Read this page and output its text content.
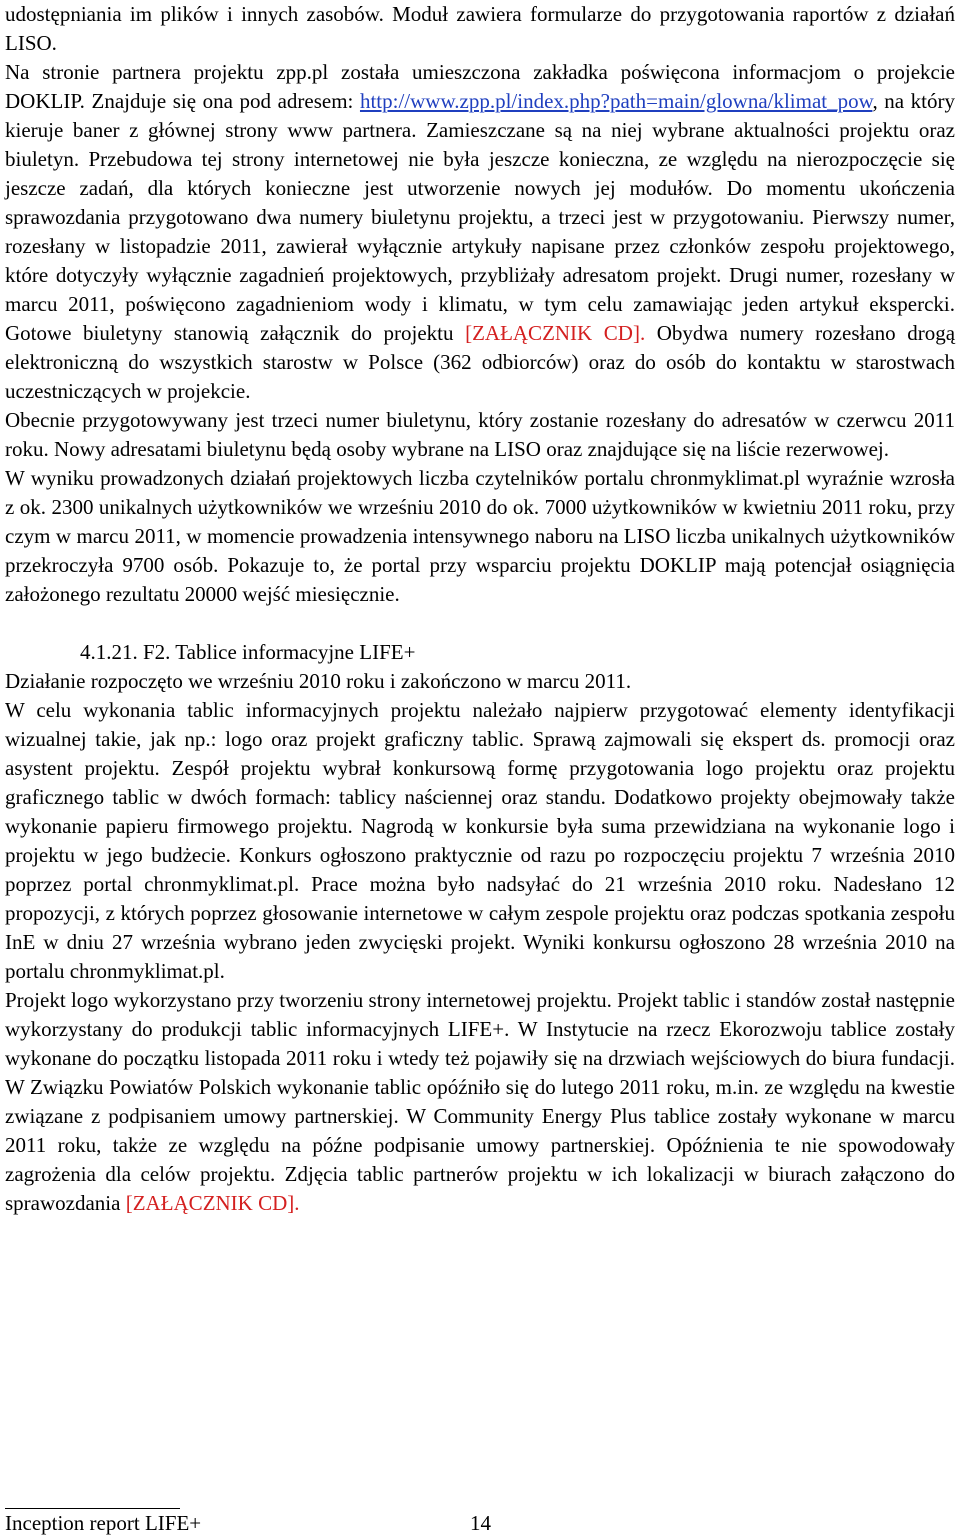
udostępniania im plików i innych zasobów. Moduł zawiera formularze do przygotowania raportów z działań LISO.

Na stronie partnera projektu zpp.pl została umieszczona zakładka poświęcona informacjom o projekcie DOKLIP. Znajduje się ona pod adresem: http://www.zpp.pl/index.php?path=main/glowna/klimat_pow, na który kieruje baner z głównej strony www partnera. Zamieszczane są na niej wybrane aktualności projektu oraz biuletyn. Przebudowa tej strony internetowej nie była jeszcze konieczna, ze względu na nierozpoczęcie się jeszcze zadań, dla których konieczne jest utworzenie nowych jej modułów. Do momentu ukończenia sprawozdania przygotowano dwa numery biuletynu projektu, a trzeci jest w przygotowaniu. Pierwszy numer, rozesłany w listopadzie 2011, zawierał wyłącznie artykuły napisane przez członków zespołu projektowego, które dotyczyły wyłącznie zagadnień projektowych, przybliżały adresatom projekt. Drugi numer, rozesłany w marcu 2011, poświęcono zagadnieniom wody i klimatu, w tym celu zamawiając jeden artykuł ekspercki. Gotowe biuletyny stanowią załącznik do projektu [ZAŁĄCZNIK CD]. Obydwa numery rozesłano drogą elektroniczną do wszystkich starostw w Polsce (362 odbiorców) oraz do osób do kontaktu w starostwach uczestniczących w projekcie.

Obecnie przygotowywany jest trzeci numer biuletynu, który zostanie rozesłany do adresatów w czerwcu 2011 roku. Nowy adresatami biuletynu będą osoby wybrane na LISO oraz znajdujące się na liście rezerwowej.

W wyniku prowadzonych działań projektowych liczba czytelników portalu chronmyklimat.pl wyraźnie wzrosła z ok. 2300 unikalnych użytkowników we wrześniu 2010 do ok. 7000 użytkowników w kwietniu 2011 roku, przy czym w marcu 2011, w momencie prowadzenia intensywnego naboru na LISO liczba unikalnych użytkowników przekroczyła 9700 osób. Pokazuje to, że portal przy wsparciu projektu DOKLIP mają potencjał osiągnięcia założonego rezultatu 20000 wejść miesięcznie.

4.1.21. F2. Tablice informacyjne LIFE+

Działanie rozpoczęto we wrześniu 2010 roku i zakończono w marcu 2011.

W celu wykonania tablic informacyjnych projektu należało najpierw przygotować elementy identyfikacji wizualnej takie, jak np.: logo oraz projekt graficzny tablic. Sprawą zajmowali się ekspert ds. promocji oraz asystent projektu. Zespół projektu wybrał konkursową formę przygotowania logo projektu oraz projektu graficznego tablic w dwóch formach: tablicy naściennej oraz standu. Dodatkowo projekty obejmowały także wykonanie papieru firmowego projektu. Nagrodą w konkursie była suma przewidziana na wykonanie logo i projektu w jego budżecie. Konkurs ogłoszono praktycznie od razu po rozpoczęciu projektu 7 września 2010 poprzez portal chronmyklimat.pl. Prace można było nadsyłać do 21 września 2010 roku. Nadesłano 12 propozycji, z których poprzez głosowanie internetowe w całym zespole projektu oraz podczas spotkania zespołu InE w dniu 27 września wybrano jeden zwycięski projekt. Wyniki konkursu ogłoszono 28 września 2010 na portalu chronmyklimat.pl.

Projekt logo wykorzystano przy tworzeniu strony internetowej projektu. Projekt tablic i standów został następnie wykorzystany do produkcji tablic informacyjnych LIFE+. W Instytucie na rzecz Ekorozwoju tablice zostały wykonane do początku listopada 2011 roku i wtedy też pojawiły się na drzwiach wejściowych do biura fundacji. W Związku Powiatów Polskich wykonanie tablic opóźniło się do lutego 2011 roku, m.in. ze względu na kwestie związane z podpisaniem umowy partnerskiej. W Community Energy Plus tablice zostały wykonane w marcu 2011 roku, także ze względu na późne podpisanie umowy partnerskiej. Opóźnienia te nie spowodowały zagrożenia dla celów projektu. Zdjęcia tablic partnerów projektu w ich lokalizacji w biurach załączono do sprawozdania [ZAŁĄCZNIK CD].

Inception report LIFE+	14
